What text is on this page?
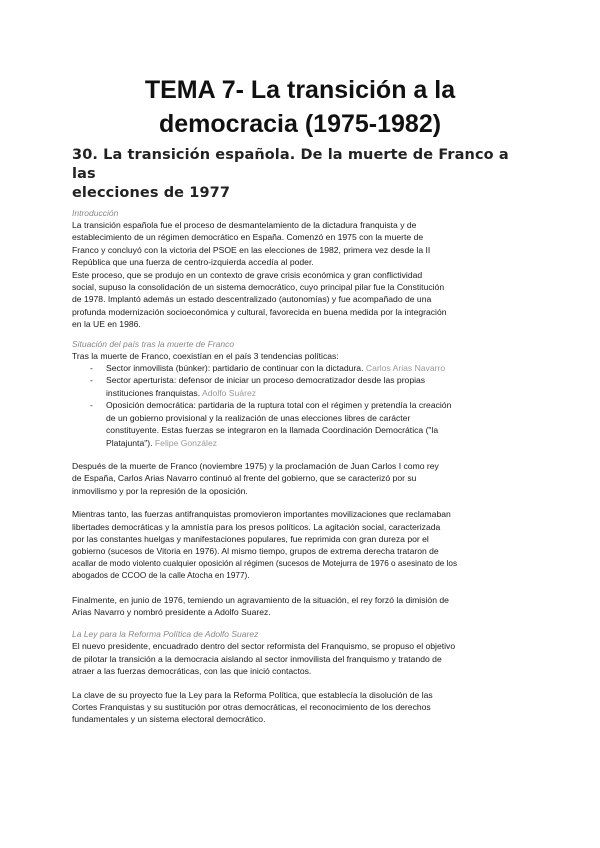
TEMA 7- La transición a la
democracia (1975-1982)
30. La transición española. De la muerte de Franco a las
elecciones de 1977
Introducción
La transición española fue el proceso de desmantelamiento de la dictadura franquista y de
establecimiento de un régimen democrático en España. Comenzó en 1975 con la muerte de
Franco y concluyó con la victoria del PSOE en las elecciones de 1982, primera vez desde la II
República que una fuerza de centro-izquierda accedía al poder.
Este proceso, que se produjo en un contexto de grave crisis económica y gran conflictividad
social, supuso la consolidación de un sistema democrático, cuyo principal pilar fue la Constitución
de 1978. Implantó además un estado descentralizado (autonomías) y fue acompañado de una
profunda modernización socioeconómica y cultural, favorecida en buena medida por la integración
en la UE en 1986.
Situación del país tras la muerte de Franco
Tras la muerte de Franco, coexistían en el país 3 tendencias políticas:
- Sector inmovilista (búnker): partidario de continuar con la dictadura. Carlos Arias Navarro
- Sector aperturista: defensor de iniciar un proceso democratizador desde las propias
instituciones franquistas. Adolfo Suárez
- Oposición democrática: partidaria de la ruptura total con el régimen y pretendía la creación
de un gobierno provisional y la realización de unas elecciones libres de carácter
constituyente. Estas fuerzas se integraron en la llamada Coordinación Democrática ("la
Platajunta"). Felipe González
Después de la muerte de Franco (noviembre 1975) y la proclamación de Juan Carlos I como rey
de España, Carlos Arias Navarro continuó al frente del gobierno, que se caracterizó por su
inmovilismo y por la represión de la oposición.
Mientras tanto, las fuerzas antifranquistas promovieron importantes movilizaciones que reclamaban
libertades democráticas y la amnistía para los presos políticos. La agitación social, caracterizada
por las constantes huelgas y manifestaciones populares, fue reprimida con gran dureza por el
gobierno (sucesos de Vitoria en 1976). Al mismo tiempo, grupos de extrema derecha trataron de
acallar de modo violento cualquier oposición al régimen (sucesos de Motejurra de 1976 o asesinato de los
abogados de CCOO de la calle Atocha en 1977).
Finalmente, en junio de 1976, temiendo un agravamiento de la situación, el rey forzó la dimisión de
Arias Navarro y nombró presidente a Adolfo Suarez.
La Ley para la Reforma Política de Adolfo Suarez
El nuevo presidente, encuadrado dentro del sector reformista del Franquismo, se propuso el objetivo
de pilotar la transición a la democracia aislando al sector inmovilista del franquismo y tratando de
atraer a las fuerzas democráticas, con las que inició contactos.
La clave de su proyecto fue la Ley para la Reforma Política, que establecía la disolución de las
Cortes Franquistas y su sustitución por otras democráticas, el reconocimiento de los derechos
fundamentales y un sistema electoral democrático.
